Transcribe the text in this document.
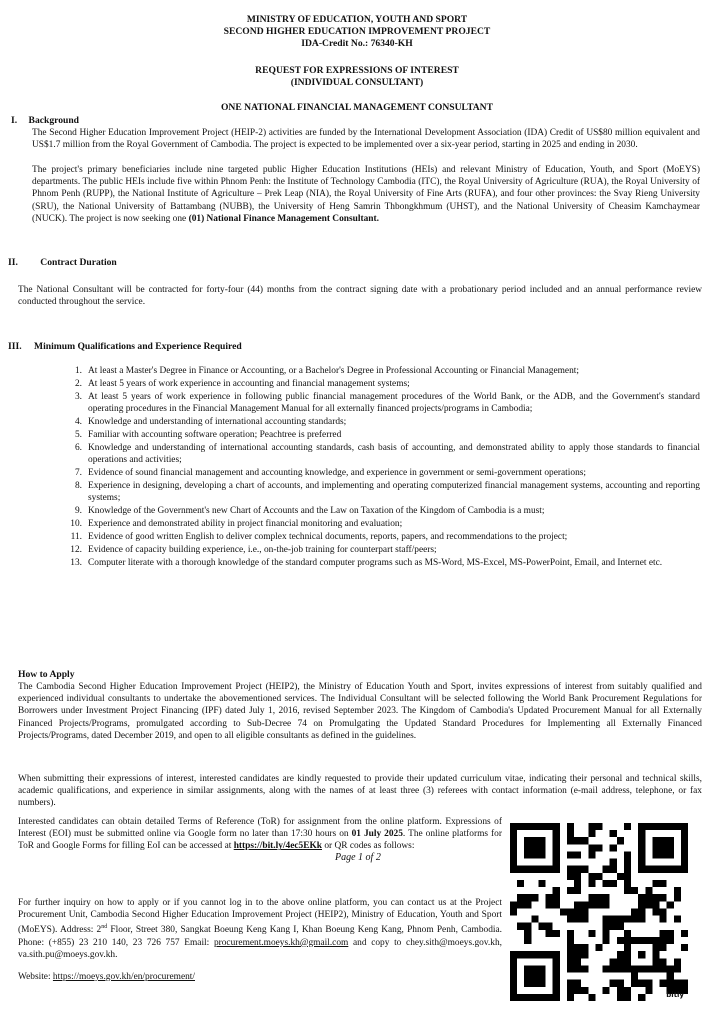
MINISTRY OF EDUCATION, YOUTH AND SPORT
SECOND HIGHER EDUCATION IMPROVEMENT PROJECT
IDA-Credit No.: 76340-KH
REQUEST FOR EXPRESSIONS OF INTEREST
(INDIVIDUAL CONSULTANT)
ONE NATIONAL FINANCIAL MANAGEMENT CONSULTANT
I. Background
The Second Higher Education Improvement Project (HEIP-2) activities are funded by the International Development Association (IDA) Credit of US$80 million equivalent and US$1.7 million from the Royal Government of Cambodia. The project is expected to be implemented over a six-year period, starting in 2025 and ending in 2030.
The project's primary beneficiaries include nine targeted public Higher Education Institutions (HEIs) and relevant Ministry of Education, Youth, and Sport (MoEYS) departments. The public HEIs include five within Phnom Penh: the Institute of Technology Cambodia (ITC), the Royal University of Agriculture (RUA), the Royal University of Phnom Penh (RUPP), the National Institute of Agriculture – Prek Leap (NIA), the Royal University of Fine Arts (RUFA), and four other provinces: the Svay Rieng University (SRU), the National University of Battambang (NUBB), the University of Heng Samrin Thbongkhmum (UHST), and the National University of Cheasim Kamchaymear (NUCK). The project is now seeking one (01) National Finance Management Consultant.
II. Contract Duration
The National Consultant will be contracted for forty-four (44) months from the contract signing date with a probationary period included and an annual performance review conducted throughout the service.
III. Minimum Qualifications and Experience Required
1. At least a Master's Degree in Finance or Accounting, or a Bachelor's Degree in Professional Accounting or Financial Management;
2. At least 5 years of work experience in accounting and financial management systems;
3. At least 5 years of work experience in following public financial management procedures of the World Bank, or the ADB, and the Government's standard operating procedures in the Financial Management Manual for all externally financed projects/programs in Cambodia;
4. Knowledge and understanding of international accounting standards;
5. Familiar with accounting software operation; Peachtree is preferred
6. Knowledge and understanding of international accounting standards, cash basis of accounting, and demonstrated ability to apply those standards to financial operations and activities;
7. Evidence of sound financial management and accounting knowledge, and experience in government or semi-government operations;
8. Experience in designing, developing a chart of accounts, and implementing and operating computerized financial management systems, accounting and reporting systems;
9. Knowledge of the Government's new Chart of Accounts and the Law on Taxation of the Kingdom of Cambodia is a must;
10. Experience and demonstrated ability in project financial monitoring and evaluation;
11. Evidence of good written English to deliver complex technical documents, reports, papers, and recommendations to the project;
12. Evidence of capacity building experience, i.e., on-the-job training for counterpart staff/peers;
13. Computer literate with a thorough knowledge of the standard computer programs such as MS-Word, MS-Excel, MS-PowerPoint, Email, and Internet etc.
How to Apply
The Cambodia Second Higher Education Improvement Project (HEIP2), the Ministry of Education Youth and Sport, invites expressions of interest from suitably qualified and experienced individual consultants to undertake the abovementioned services. The Individual Consultant will be selected following the World Bank Procurement Regulations for Borrowers under Investment Project Financing (IPF) dated July 1, 2016, revised September 2023. The Kingdom of Cambodia's Updated Procurement Manual for all Externally Financed Projects/Programs, promulgated according to Sub-Decree 74 on Promulgating the Updated Standard Procedures for Implementing all Externally Financed Projects/Programs, dated December 2019, and open to all eligible consultants as defined in the guidelines.
When submitting their expressions of interest, interested candidates are kindly requested to provide their updated curriculum vitae, indicating their personal and technical skills, academic qualifications, and experience in similar assignments, along with the names of at least three (3) referees with contact information (e-mail address, telephone, or fax numbers).
Interested candidates can obtain detailed Terms of Reference (ToR) for assignment from the online platform. Expressions of Interest (EOI) must be submitted online via Google form no later than 17:30 hours on 01 July 2025. The online platforms for ToR and Google Forms for filling EoI can be accessed at https://bit.ly/4ec5EKk or QR codes as follows:
Page 1 of 2
For further inquiry on how to apply or if you cannot log in to the above online platform, you can contact us at the Project Procurement Unit, Cambodia Second Higher Education Improvement Project (HEIP2), Ministry of Education, Youth and Sport (MoEYS). Address: 2nd Floor, Street 380, Sangkat Boeung Keng Kang I, Khan Boeung Keng Kang, Phnom Penh, Cambodia. Phone: (+855) 23 210 140, 23 726 757 Email: procurement.moeys.kh@gmail.com and copy to chey.sith@moeys.gov.kh, va.sith.pu@moeys.gov.kh.
Website: https://moeys.gov.kh/en/procurement/
bitly
